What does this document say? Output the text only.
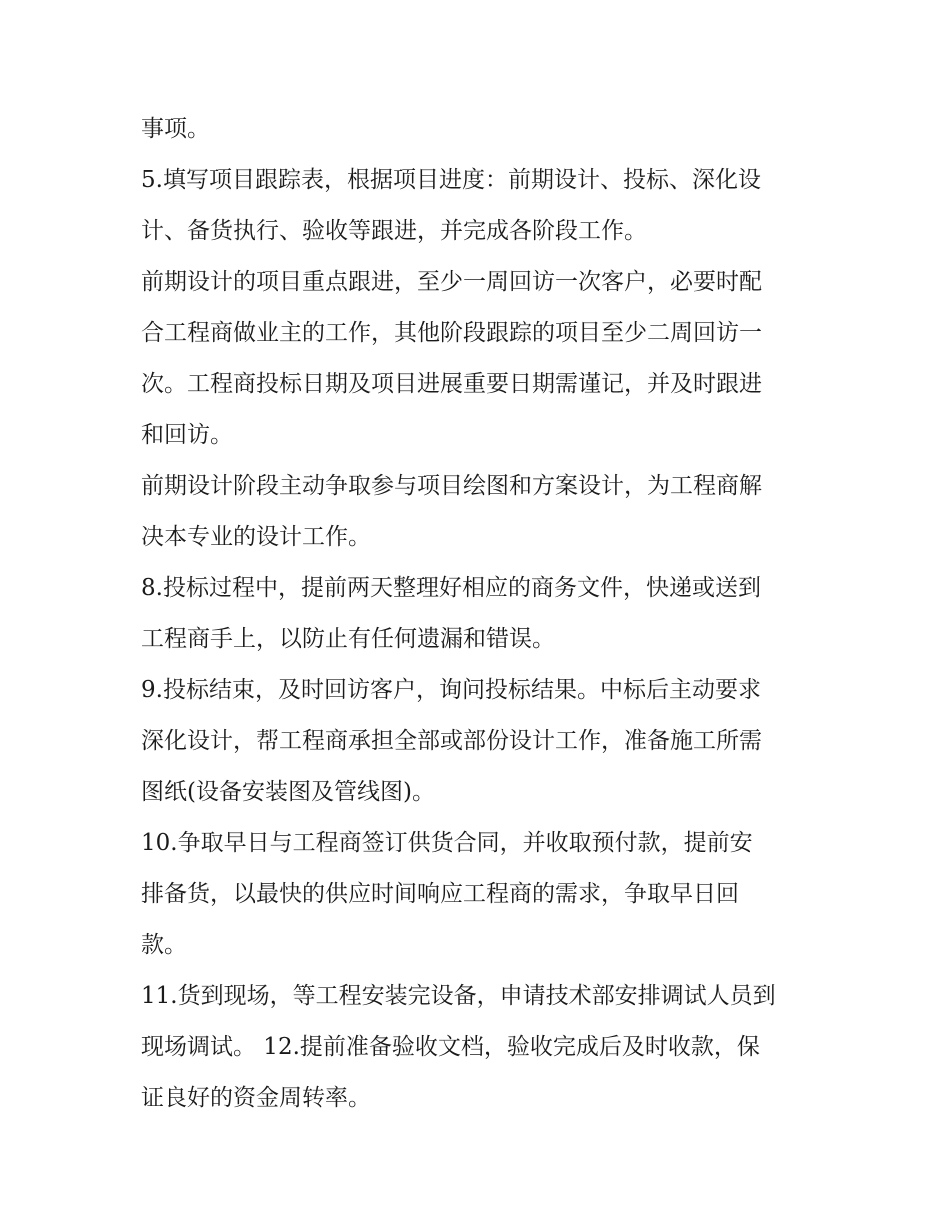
事项。
5.填写项目跟踪表，根据项目进度：前期设计、投标、深化设
计、备货执行、验收等跟进，并完成各阶段工作。
前期设计的项目重点跟进，至少一周回访一次客户，必要时配
合工程商做业主的工作，其他阶段跟踪的项目至少二周回访一
次。工程商投标日期及项目进展重要日期需谨记，并及时跟进
和回访。
前期设计阶段主动争取参与项目绘图和方案设计，为工程商解
决本专业的设计工作。
8.投标过程中，提前两天整理好相应的商务文件，快递或送到
工程商手上，以防止有任何遗漏和错误。
9.投标结束，及时回访客户，询问投标结果。中标后主动要求
深化设计，帮工程商承担全部或部份设计工作，准备施工所需
图纸(设备安装图及管线图)。
10.争取早日与工程商签订供货合同，并收取预付款，提前安
排备货，以最快的供应时间响应工程商的需求，争取早日回
款。
11.货到现场，等工程安装完设备，申请技术部安排调试人员到
现场调试。 12.提前准备验收文档，验收完成后及时收款，保
证良好的资金周转率。
